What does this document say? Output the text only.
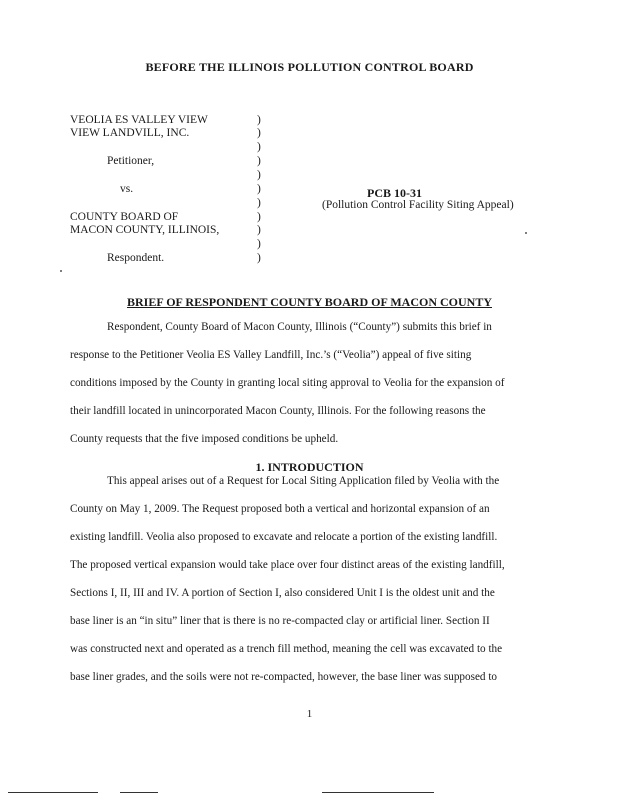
BEFORE THE ILLINOIS POLLUTION CONTROL BOARD
VEOLIA ES VALLEY VIEW
VIEW LANDVILL, INC.
Petitioner,
vs.
COUNTY BOARD OF
MACON COUNTY, ILLINOIS,
Respondent.
)
)
)
)
)
)
)
)
)
)
)
PCB 10-31
(Pollution Control Facility Siting Appeal)
BRIEF OF RESPONDENT COUNTY BOARD OF MACON COUNTY
Respondent, County Board of Macon County, Illinois (“County”) submits this brief in
response to the Petitioner Veolia ES Valley Landfill, Inc.’s (“Veolia”) appeal of five siting
conditions imposed by the County in granting local siting approval to Veolia for the expansion of
their landfill located in unincorporated Macon County, Illinois. For the following reasons the
County requests that the five imposed conditions be upheld.
1. INTRODUCTION
This appeal arises out of a Request for Local Siting Application filed by Veolia with the
County on May 1, 2009. The Request proposed both a vertical and horizontal expansion of an
existing landfill. Veolia also proposed to excavate and relocate a portion of the existing landfill.
The proposed vertical expansion would take place over four distinct areas of the existing landfill,
Sections I, II, III and IV. A portion of Section I, also considered Unit I is the oldest unit and the
base liner is an “in situ” liner that is there is no re-compacted clay or artificial liner. Section II
was constructed next and operated as a trench fill method, meaning the cell was excavated to the
base liner grades, and the soils were not re-compacted, however, the base liner was supposed to
1
